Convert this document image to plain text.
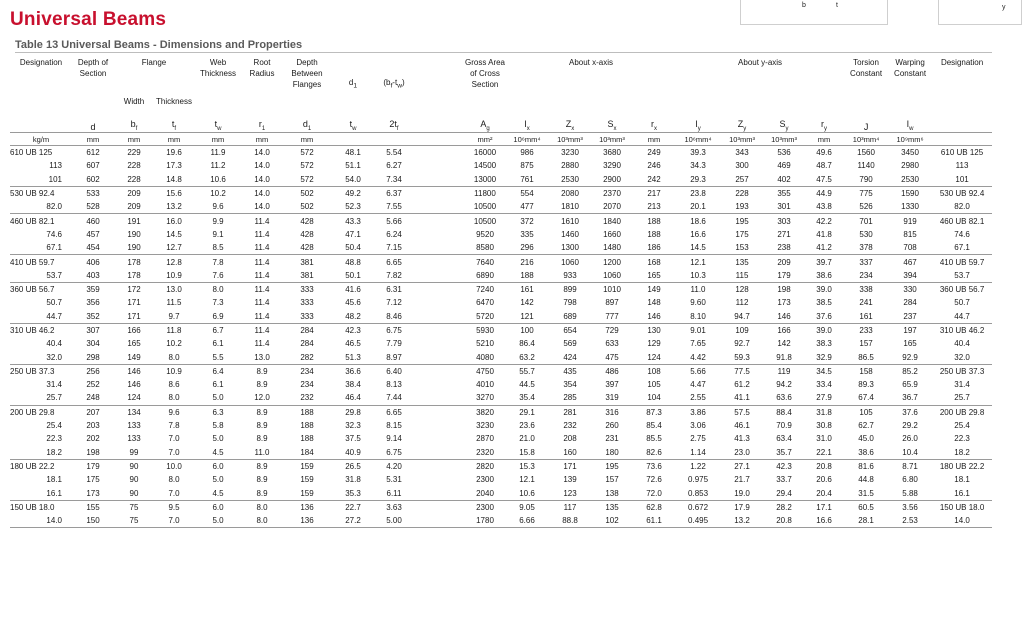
Universal Beams
Table 13 Universal Beams - Dimensions and Properties
b	t	y
Designation	Depth of Section	Flange		Web Thickness	Root Radius	Depth Between Flanges	$d_1$	$(b_f-t_w)$		Gross Area of Cross Section	About x-axis				About y-axis				Torsion Constant	Warping Constant	Designation
		Width	Thickness																		
	d	$b_f$	$t_f$	$t_w$	$r_1$	$d_1$	$t_w$	$2t_f$		$A_g$	$I_x$	$Z_x$	$S_x$	$r_x$	$I_y$	$Z_y$	$S_y$	$r_y$	J	$I_w$	
kg/m	mm	mm	mm	mm	mm	mm				mm²	10⁶mm⁴	10³mm³	10³mm³	mm	10⁶mm⁴	10³mm³	10³mm³	mm	10³mm⁴	10⁹mm⁶	
610 UB 125	612	229	19.6	11.9	14.0	572	48.1	5.54		16000	986	3230	3680	249	39.3	343	536	49.6	1560	3450	610 UB 125
113	607	228	17.3	11.2	14.0	572	51.1	6.27		14500	875	2880	3290	246	34.3	300	469	48.7	1140	2980	113
101	602	228	14.8	10.6	14.0	572	54.0	7.34		13000	761	2530	2900	242	29.3	257	402	47.5	790	2530	101
530 UB 92.4	533	209	15.6	10.2	14.0	502	49.2	6.37		11800	554	2080	2370	217	23.8	228	355	44.9	775	1590	530 UB 92.4
82.0	528	209	13.2	9.6	14.0	502	52.3	7.55		10500	477	1810	2070	213	20.1	193	301	43.8	526	1330	82.0
460 UB 82.1	460	191	16.0	9.9	11.4	428	43.3	5.66		10500	372	1610	1840	188	18.6	195	303	42.2	701	919	460 UB 82.1
74.6	457	190	14.5	9.1	11.4	428	47.1	6.24		9520	335	1460	1660	188	16.6	175	271	41.8	530	815	74.6
67.1	454	190	12.7	8.5	11.4	428	50.4	7.15		8580	296	1300	1480	186	14.5	153	238	41.2	378	708	67.1
410 UB 59.7	406	178	12.8	7.8	11.4	381	48.8	6.65		7640	216	1060	1200	168	12.1	135	209	39.7	337	467	410 UB 59.7
53.7	403	178	10.9	7.6	11.4	381	50.1	7.82		6890	188	933	1060	165	10.3	115	179	38.6	234	394	53.7
360 UB 56.7	359	172	13.0	8.0	11.4	333	41.6	6.31		7240	161	899	1010	149	11.0	128	198	39.0	338	330	360 UB 56.7
50.7	356	171	11.5	7.3	11.4	333	45.6	7.12		6470	142	798	897	148	9.60	112	173	38.5	241	284	50.7
44.7	352	171	9.7	6.9	11.4	333	48.2	8.46		5720	121	689	777	146	8.10	94.7	146	37.6	161	237	44.7
310 UB 46.2	307	166	11.8	6.7	11.4	284	42.3	6.75		5930	100	654	729	130	9.01	109	166	39.0	233	197	310 UB 46.2
40.4	304	165	10.2	6.1	11.4	284	46.5	7.79		5210	86.4	569	633	129	7.65	92.7	142	38.3	157	165	40.4
32.0	298	149	8.0	5.5	13.0	282	51.3	8.97		4080	63.2	424	475	124	4.42	59.3	91.8	32.9	86.5	92.9	32.0
250 UB 37.3	256	146	10.9	6.4	8.9	234	36.6	6.40		4750	55.7	435	486	108	5.66	77.5	119	34.5	158	85.2	250 UB 37.3
31.4	252	146	8.6	6.1	8.9	234	38.4	8.13		4010	44.5	354	397	105	4.47	61.2	94.2	33.4	89.3	65.9	31.4
25.7	248	124	8.0	5.0	12.0	232	46.4	7.44		3270	35.4	285	319	104	2.55	41.1	63.6	27.9	67.4	36.7	25.7
200 UB 29.8	207	134	9.6	6.3	8.9	188	29.8	6.65		3820	29.1	281	316	87.3	3.86	57.5	88.4	31.8	105	37.6	200 UB 29.8
25.4	203	133	7.8	5.8	8.9	188	32.3	8.15		3230	23.6	232	260	85.4	3.06	46.1	70.9	30.8	62.7	29.2	25.4
22.3	202	133	7.0	5.0	8.9	188	37.5	9.14		2870	21.0	208	231	85.5	2.75	41.3	63.4	31.0	45.0	26.0	22.3
18.2	198	99	7.0	4.5	11.0	184	40.9	6.75		2320	15.8	160	180	82.6	1.14	23.0	35.7	22.1	38.6	10.4	18.2
180 UB 22.2	179	90	10.0	6.0	8.9	159	26.5	4.20		2820	15.3	171	195	73.6	1.22	27.1	42.3	20.8	81.6	8.71	180 UB 22.2
18.1	175	90	8.0	5.0	8.9	159	31.8	5.31		2300	12.1	139	157	72.6	0.975	21.7	33.7	20.6	44.8	6.80	18.1
16.1	173	90	7.0	4.5	8.9	159	35.3	6.11		2040	10.6	123	138	72.0	0.853	19.0	29.4	20.4	31.5	5.88	16.1
150 UB 18.0	155	75	9.5	6.0	8.0	136	22.7	3.63		2300	9.05	117	135	62.8	0.672	17.9	28.2	17.1	60.5	3.56	150 UB 18.0
14.0	150	75	7.0	5.0	8.0	136	27.2	5.00		1780	6.66	88.8	102	61.1	0.495	13.2	20.8	16.6	28.1	2.53	14.0
